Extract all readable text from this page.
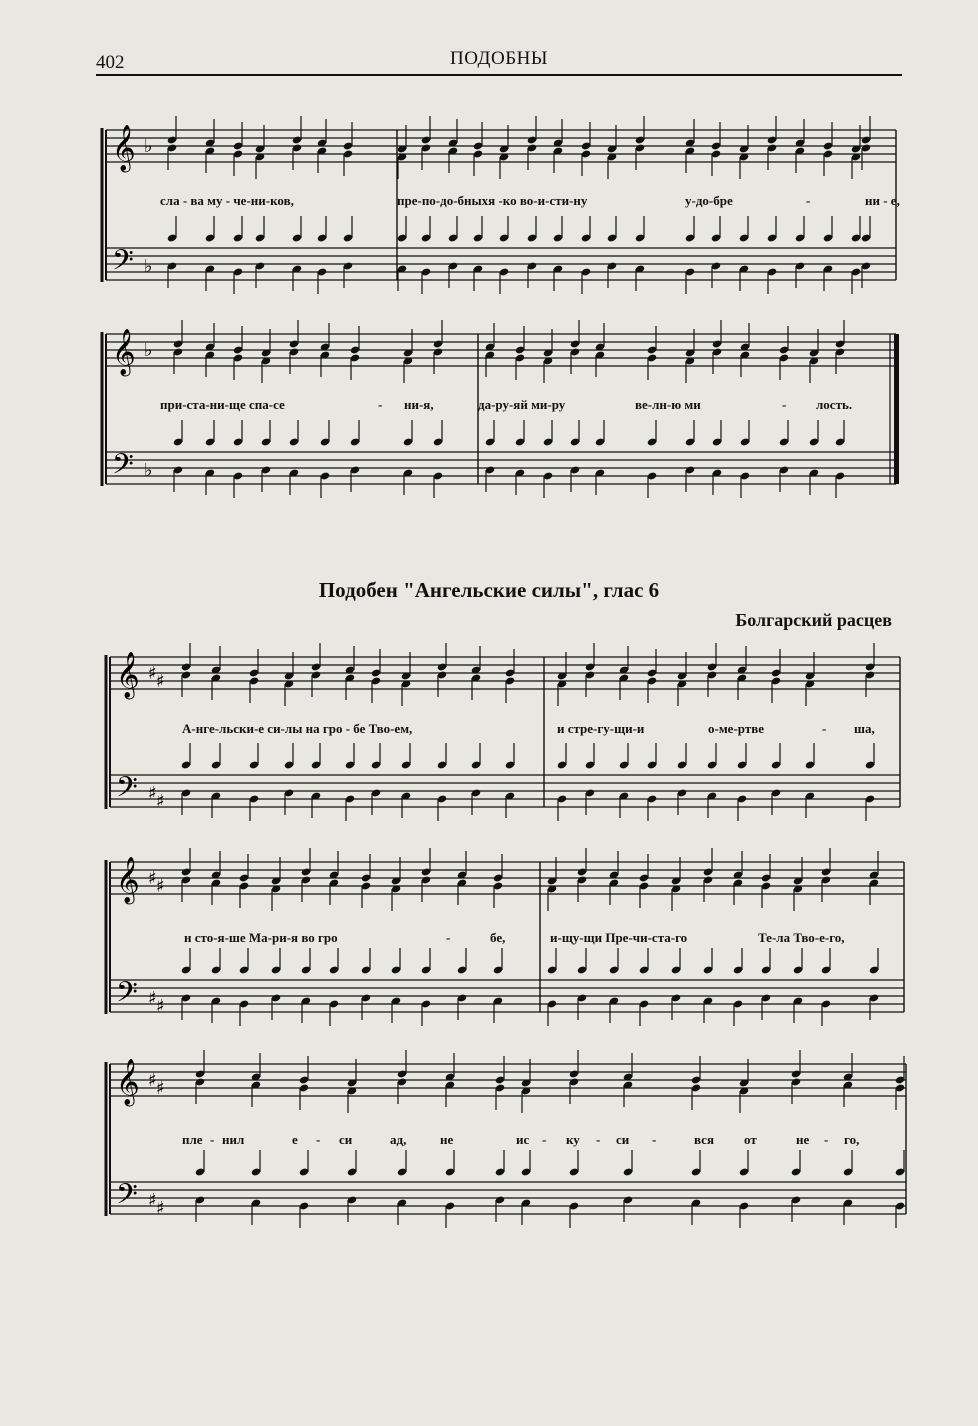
402	ПОДОБНЫ
𝄞
𝄢
♭
♭
сла - ва му - че-ни-ков,	пре-по-до-бныхя -ко во-и-сти-ну	у-до-бре	-	ни - е,
𝄞
𝄢
♭
♭
при-ста-ни-ще спа-се	- ни-я,	да-ру-яй ми-ру	ве-лн-ю ми	- лость.
Подобен "Ангельские силы", глас 6
Болгарский расцев
𝄞
𝄢
♯
♯
♯
♯
А-нге-льски-е си-лы на гро - бе Тво-ем,	и стре-гу-щи-и	о-ме-ртве	- ша,
𝄞
𝄢
♯
♯
♯
♯
н сто-я-ше Ма-ри-я во гро	-	бе,	и-щу-щи Пре-чи-ста-го	Те-ла Тво-е-го,
𝄞
𝄢
♯
♯
♯
♯
пле - нил	е - си	ад,	не	ис - ку - си -	вся от	не - го,
